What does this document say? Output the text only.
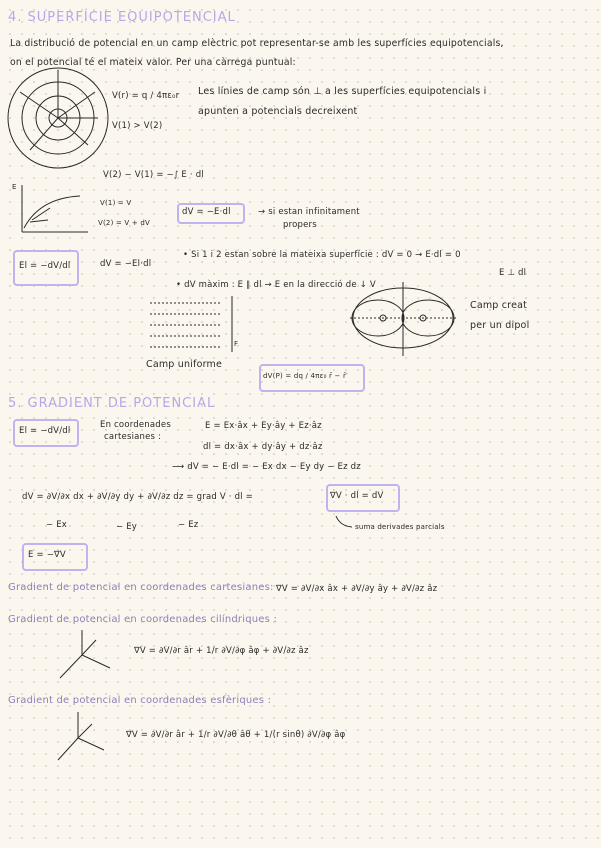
4. SUPERFÍCIE EQUIPOTENCIAL
La distribució de potencial en un camp elèctric pot representar-se amb les superfícies equipotencials,
on el potencial té el mateix valor. Per una càrrega puntual:
V(r) = q / 4πε₀r
V(1) > V(2)
Les línies de camp són ⊥ a les superfícies equipotencials i
apunten a potencials decreixent
V(2) − V(1) = −∫ E · dl
E
V(1) = V
V(2) = V + dV
dV = −E·dl	→ si estan infinitament
propers
El = −dV/dl	dV = −El·dl
• Si 1 i 2 estan sobre la mateixa superfície : dV = 0 → E·dl = 0
E ⊥ dl
• dV màxim : E ∥ dl → E en la direcció de ↓ V
F
Camp uniforme
Camp creat
per un dipol
dV(P) = dq / 4πε₀ r̄ − r̄′
5. GRADIENT DE POTENCIAL
El = −dV/dl
En coordenades
cartesianes :
E = Ex·âx + Ey·ây + Ez·âz
dl = dx·âx + dy·ây + dz·âz
⟶ dV = − E·dl = − Ex dx − Ey dy − Ez dz
dV = ∂V/∂x dx + ∂V/∂y dy + ∂V/∂z dz = grad V · dl =	∇V · dl = dV
− Ex	− Ey	− Ez	suma derivades parcials
E = −∇V
Gradient de potencial en coordenades cartesianes: ∇V = ∂V/∂x âx + ∂V/∂y ây + ∂V/∂z âz
Gradient de potencial en coordenades cilíndriques :
∇V = ∂V/∂r âr + 1/r ∂V/∂φ âφ + ∂V/∂z âz
Gradient de potencial en coordenades esfèriques :
∇V = ∂V/∂r âr + 1/r ∂V/∂θ âθ + 1/(r sinθ) ∂V/∂φ âφ
